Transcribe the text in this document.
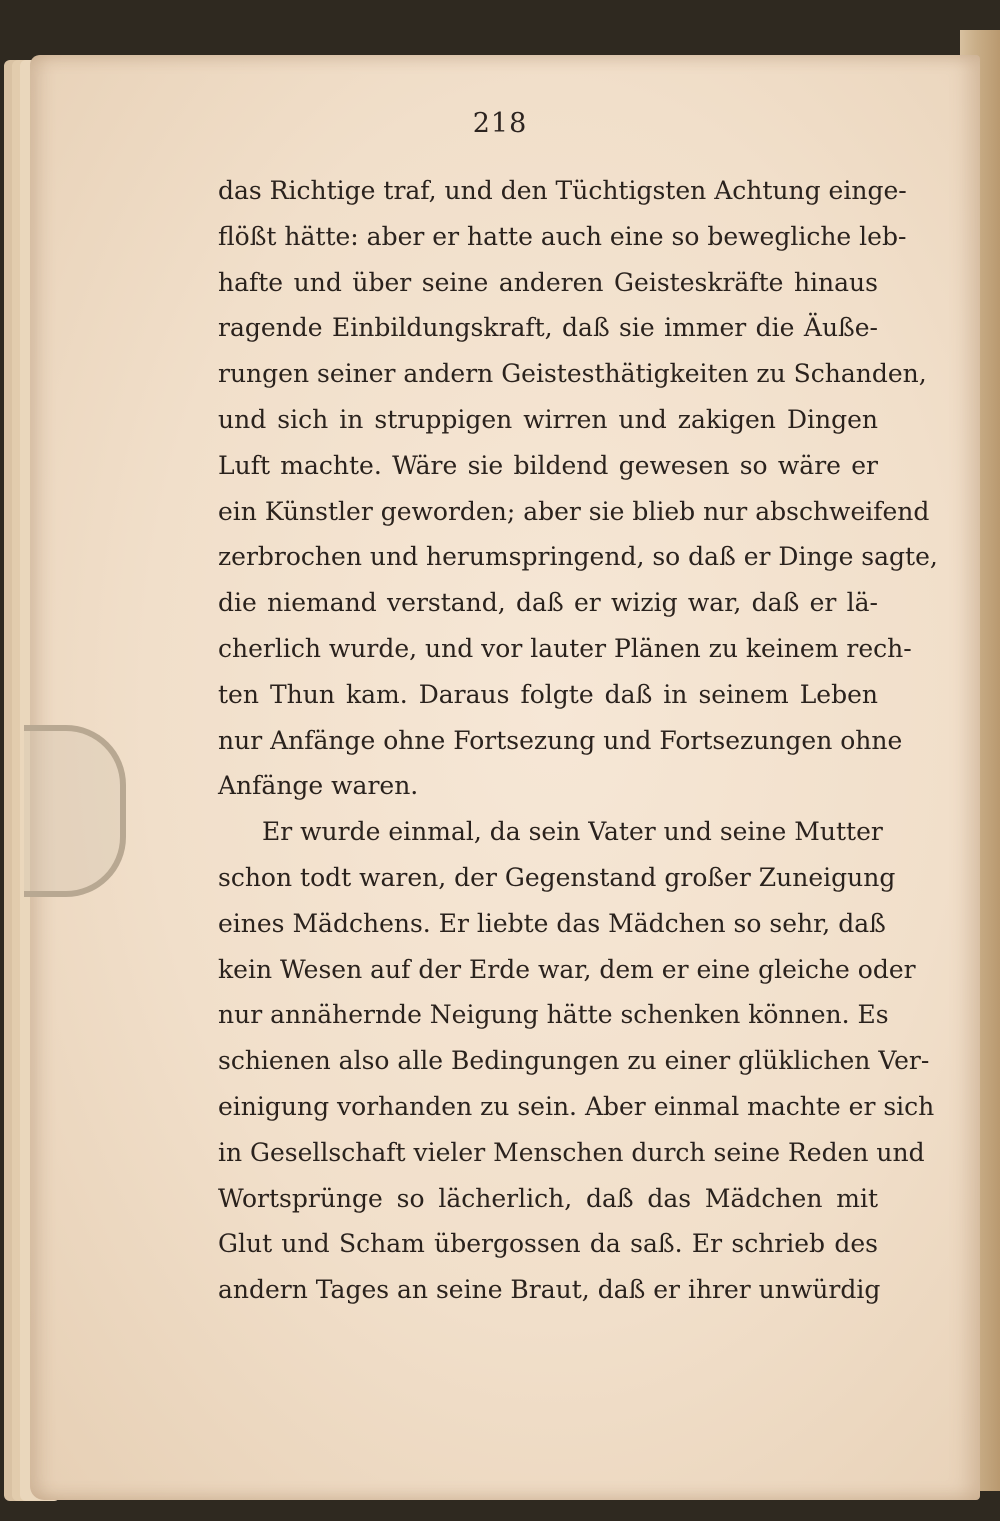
218
das Richtige traf, und den Tüchtigsten Achtung einge-
flößt hätte: aber er hatte auch eine so bewegliche leb-
hafte und über seine anderen Geisteskräfte hinaus
ragende Einbildungskraft, daß sie immer die Äuße-
rungen seiner andern Geistesthätigkeiten zu Schanden,
und sich in struppigen wirren und zakigen Dingen
Luft machte. Wäre sie bildend gewesen so wäre er
ein Künstler geworden; aber sie blieb nur abschweifend
zerbrochen und herumspringend, so daß er Dinge sagte,
die niemand verstand, daß er wizig war, daß er lä-
cherlich wurde, und vor lauter Plänen zu keinem rech-
ten Thun kam. Daraus folgte daß in seinem Leben
nur Anfänge ohne Fortsezung und Fortsezungen ohne
Anfänge waren.
Er wurde einmal, da sein Vater und seine Mutter
schon todt waren, der Gegenstand großer Zuneigung
eines Mädchens. Er liebte das Mädchen so sehr, daß
kein Wesen auf der Erde war, dem er eine gleiche oder
nur annähernde Neigung hätte schenken können. Es
schienen also alle Bedingungen zu einer glüklichen Ver-
einigung vorhanden zu sein. Aber einmal machte er sich
in Gesellschaft vieler Menschen durch seine Reden und
Wortsprünge so lächerlich, daß das Mädchen mit
Glut und Scham übergossen da saß. Er schrieb des
andern Tages an seine Braut, daß er ihrer unwürdig
